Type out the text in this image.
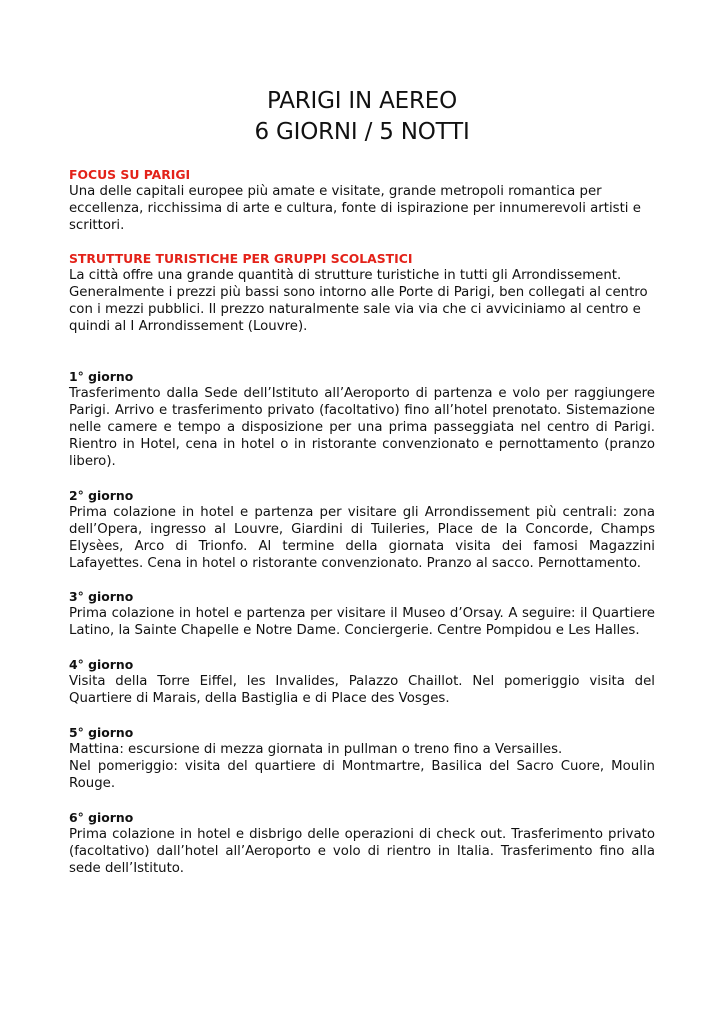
PARIGI IN AEREO
6 GIORNI / 5 NOTTI

FOCUS SU PARIGI

Una delle capitali europee più amate e visitate, grande metropoli romantica per eccellenza, ricchissima di arte e cultura, fonte di ispirazione per innumerevoli artisti e scrittori.

STRUTTURE TURISTICHE PER GRUPPI SCOLASTICI

La città offre una grande quantità di strutture turistiche in tutti gli Arrondissement. Generalmente i prezzi più bassi sono intorno alle Porte di Parigi, ben collegati al centro con i mezzi pubblici. Il prezzo naturalmente sale via via che ci avviciniamo al centro e quindi al I Arrondissement (Louvre).

1° giorno

Trasferimento dalla Sede dell’Istituto all’Aeroporto di partenza e volo per raggiungere Parigi. Arrivo e trasferimento privato (facoltativo) fino all’hotel prenotato. Sistemazione nelle camere e tempo a disposizione per una prima passeggiata nel centro di Parigi. Rientro in Hotel, cena in hotel o in ristorante convenzionato e pernottamento (pranzo libero).

2° giorno

Prima colazione in hotel e partenza per visitare gli Arrondissement più centrali: zona dell’Opera, ingresso al Louvre, Giardini di Tuileries, Place de la Concorde, Champs Elysèes, Arco di Trionfo. Al termine della giornata visita dei famosi Magazzini Lafayettes. Cena in hotel o ristorante convenzionato. Pranzo al sacco. Pernottamento.

3° giorno

Prima colazione in hotel e partenza per visitare il Museo d’Orsay. A seguire: il Quartiere Latino, la Sainte Chapelle e Notre Dame. Conciergerie. Centre Pompidou e Les Halles.

4° giorno

Visita della Torre Eiffel, les Invalides, Palazzo Chaillot. Nel pomeriggio visita del Quartiere di Marais, della Bastiglia e di Place des Vosges.

5° giorno

Mattina: escursione di mezza giornata in pullman o treno fino a Versailles.

Nel pomeriggio: visita del quartiere di Montmartre, Basilica del Sacro Cuore, Moulin Rouge.

6° giorno

Prima colazione in hotel e disbrigo delle operazioni di check out. Trasferimento privato (facoltativo) dall’hotel all’Aeroporto e volo di rientro in Italia. Trasferimento fino alla sede dell’Istituto.
